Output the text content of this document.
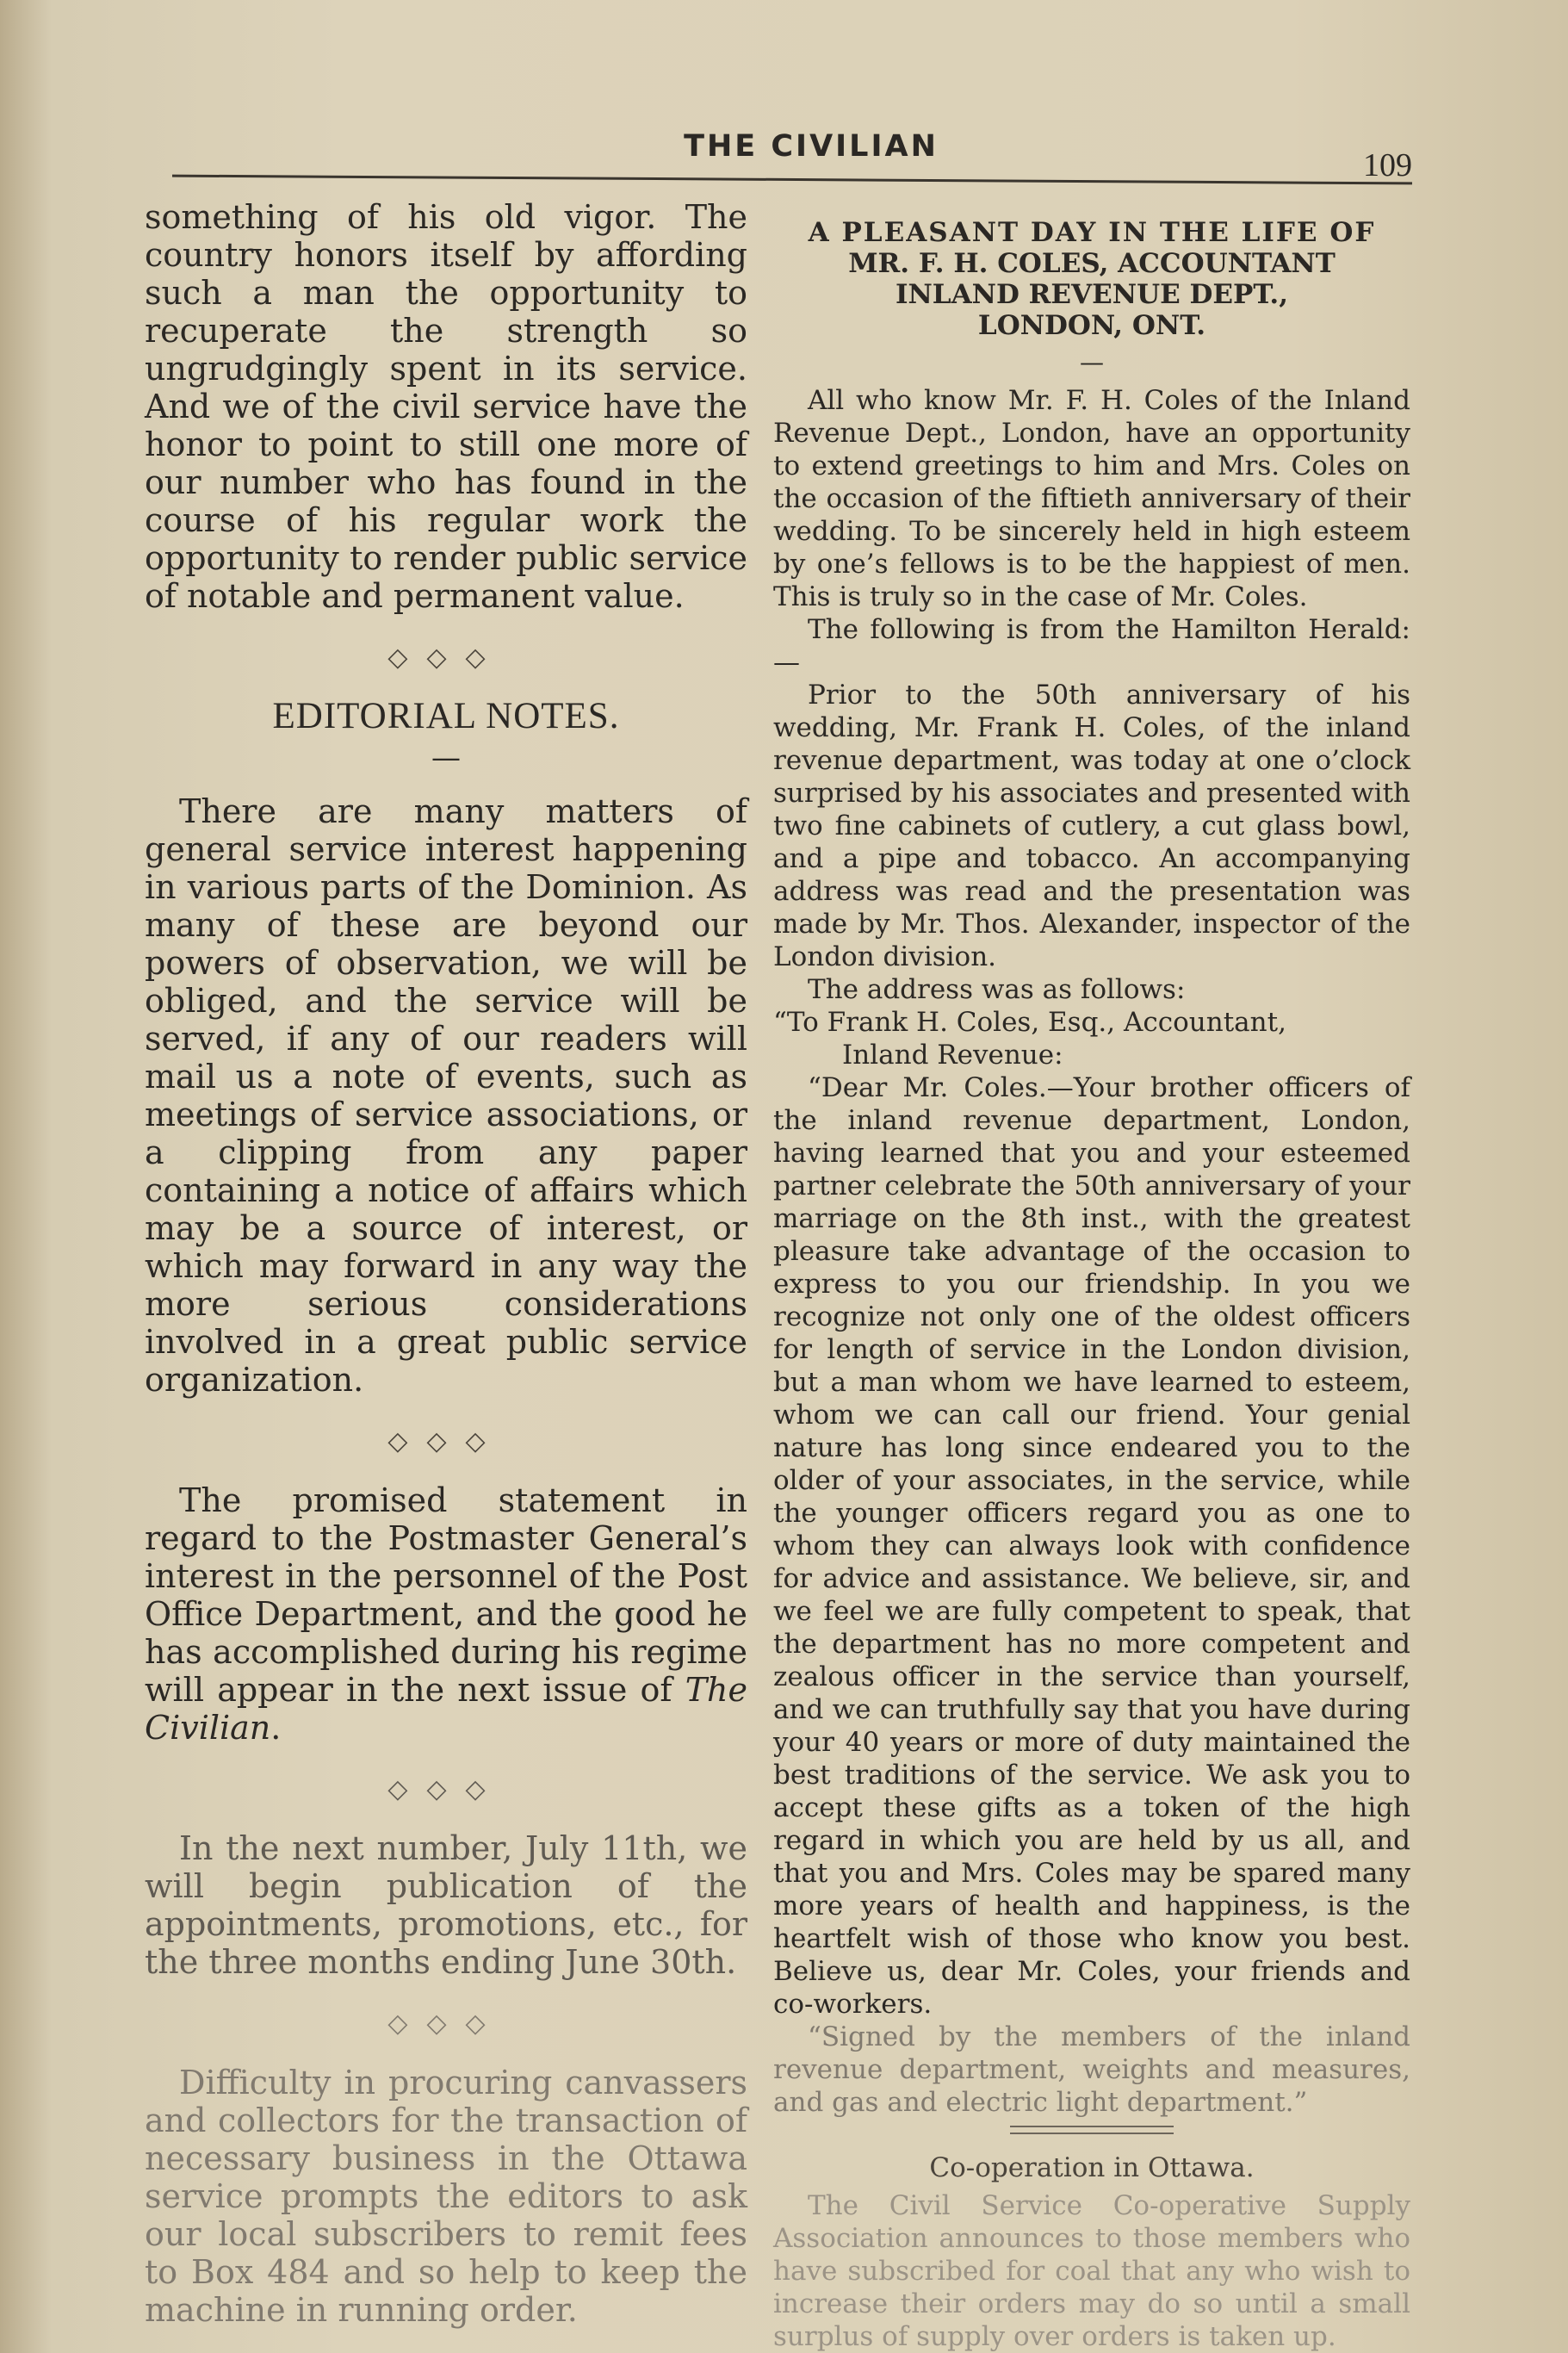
THE CIVILIAN
109

something of his old vigor. The country honors itself by affording such a man the opportunity to recuperate the strength so ungrudgingly spent in its service. And we of the civil service have the honor to point to still one more of our number who has found in the course of his regular work the opportunity to render public service of notable and permanent value.

◇◇◇
EDITORIAL NOTES.
—

There are many matters of general service interest happening in various parts of the Dominion. As many of these are beyond our powers of observation, we will be obliged, and the service will be served, if any of our readers will mail us a note of events, such as meetings of service associations, or a clipping from any paper containing a notice of affairs which may be a source of interest, or which may forward in any way the more serious considerations involved in a great public service organization.

◇◇◇

The promised statement in regard to the Postmaster General’s interest in the personnel of the Post Office Department, and the good he has accomplished during his regime will appear in the next issue of The Civilian.

◇◇◇

In the next number, July 11th, we will begin publication of the appointments, promotions, etc., for the three months ending June 30th.

◇◇◇

Difficulty in procuring canvassers and collectors for the transaction of necessary business in the Ottawa service prompts the editors to ask our local subscribers to remit fees to Box 484 and so help to keep the machine in running order.

A PLEASANT DAY IN THE LIFE OF
MR. F. H. COLES, ACCOUNTANT
INLAND REVENUE DEPT.,
LONDON, ONT.
—

All who know Mr. F. H. Coles of the Inland Revenue Dept., London, have an opportunity to extend greetings to him and Mrs. Coles on the occasion of the fiftieth anniversary of their wedding. To be sincerely held in high esteem by one’s fellows is to be the happiest of men. This is truly so in the case of Mr. Coles.

The following is from the Hamilton Herald:—

Prior to the 50th anniversary of his wedding, Mr. Frank H. Coles, of the inland revenue department, was today at one o’clock surprised by his associates and presented with two fine cabinets of cutlery, a cut glass bowl, and a pipe and tobacco. An accompanying address was read and the presentation was made by Mr. Thos. Alexander, inspector of the London division.

The address was as follows:

“To Frank H. Coles, Esq., Accountant,

Inland Revenue:

“Dear Mr. Coles.—Your brother officers of the inland revenue department, London, having learned that you and your esteemed partner celebrate the 50th anniversary of your marriage on the 8th inst., with the greatest pleasure take advantage of the occasion to express to you our friendship. In you we recognize not only one of the oldest officers for length of service in the London division, but a man whom we have learned to esteem, whom we can call our friend. Your genial nature has long since endeared you to the older of your associates, in the service, while the younger officers regard you as one to whom they can always look with confidence for advice and assistance. We believe, sir, and we feel we are fully competent to speak, that the department has no more competent and zealous officer in the service than yourself, and we can truthfully say that you have during your 40 years or more of duty maintained the best traditions of the service. We ask you to accept these gifts as a token of the high regard in which you are held by us all, and that you and Mrs. Coles may be spared many more years of health and happiness, is the heartfelt wish of those who know you best. Believe us, dear Mr. Coles, your friends and co-workers.

“Signed by the members of the inland revenue department, weights and measures, and gas and electric light department.”

Co-operation in Ottawa.

The Civil Service Co-operative Supply Association announces to those members who have subscribed for coal that any who wish to increase their orders may do so until a small surplus of supply over orders is taken up.
